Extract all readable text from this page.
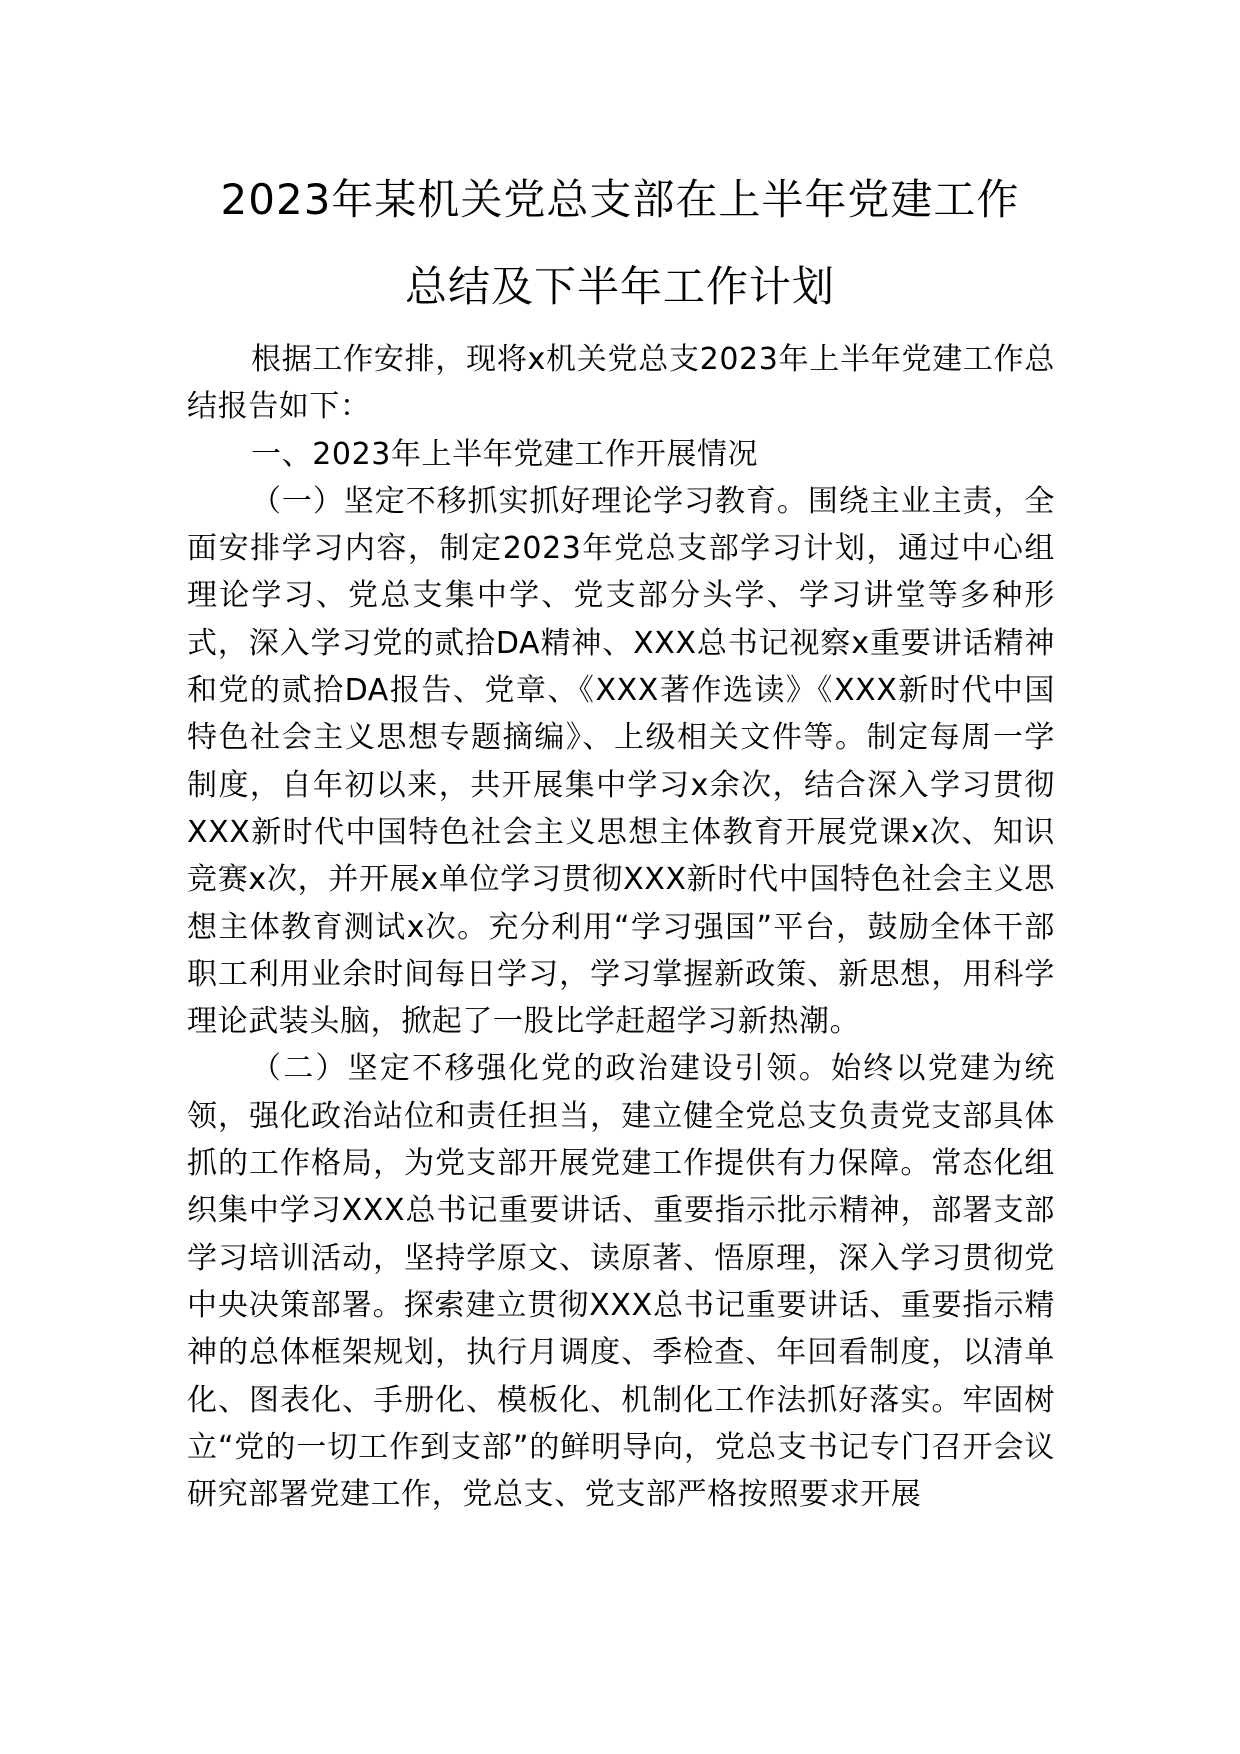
2023年某机关党总支部在上半年党建工作
总结及下半年工作计划

根据工作安排，现将x机关党总支2023年上半年党建工作总结报告如下：

一、2023年上半年党建工作开展情况

（一）坚定不移抓实抓好理论学习教育。围绕主业主责，全面安排学习内容，制定2023年党总支部学习计划，通过中心组理论学习、党总支集中学、党支部分头学、学习讲堂等多种形式，深入学习党的贰拾DA精神、XXX总书记视察x重要讲话精神和党的贰拾DA报告、党章、《XXX著作选读》《XXX新时代中国特色社会主义思想专题摘编》、上级相关文件等。制定每周一学制度，自年初以来，共开展集中学习x余次，结合深入学习贯彻XXX新时代中国特色社会主义思想主体教育开展党课x次、知识竞赛x次，并开展x单位学习贯彻XXX新时代中国特色社会主义思想主体教育测试x次。充分利用“学习强国”平台，鼓励全体干部职工利用业余时间每日学习，学习掌握新政策、新思想，用科学理论武装头脑，掀起了一股比学赶超学习新热潮。

（二）坚定不移强化党的政治建设引领。始终以党建为统领，强化政治站位和责任担当，建立健全党总支负责党支部具体抓的工作格局，为党支部开展党建工作提供有力保障。常态化组织集中学习XXX总书记重要讲话、重要指示批示精神，部署支部学习培训活动，坚持学原文、读原著、悟原理，深入学习贯彻党中央决策部署。探索建立贯彻XXX总书记重要讲话、重要指示精神的总体框架规划，执行月调度、季检查、年回看制度，以清单化、图表化、手册化、模板化、机制化工作法抓好落实。牢固树立“党的一切工作到支部”的鲜明导向，党总支书记专门召开会议研究部署党建工作，党总支、党支部严格按照要求开展
